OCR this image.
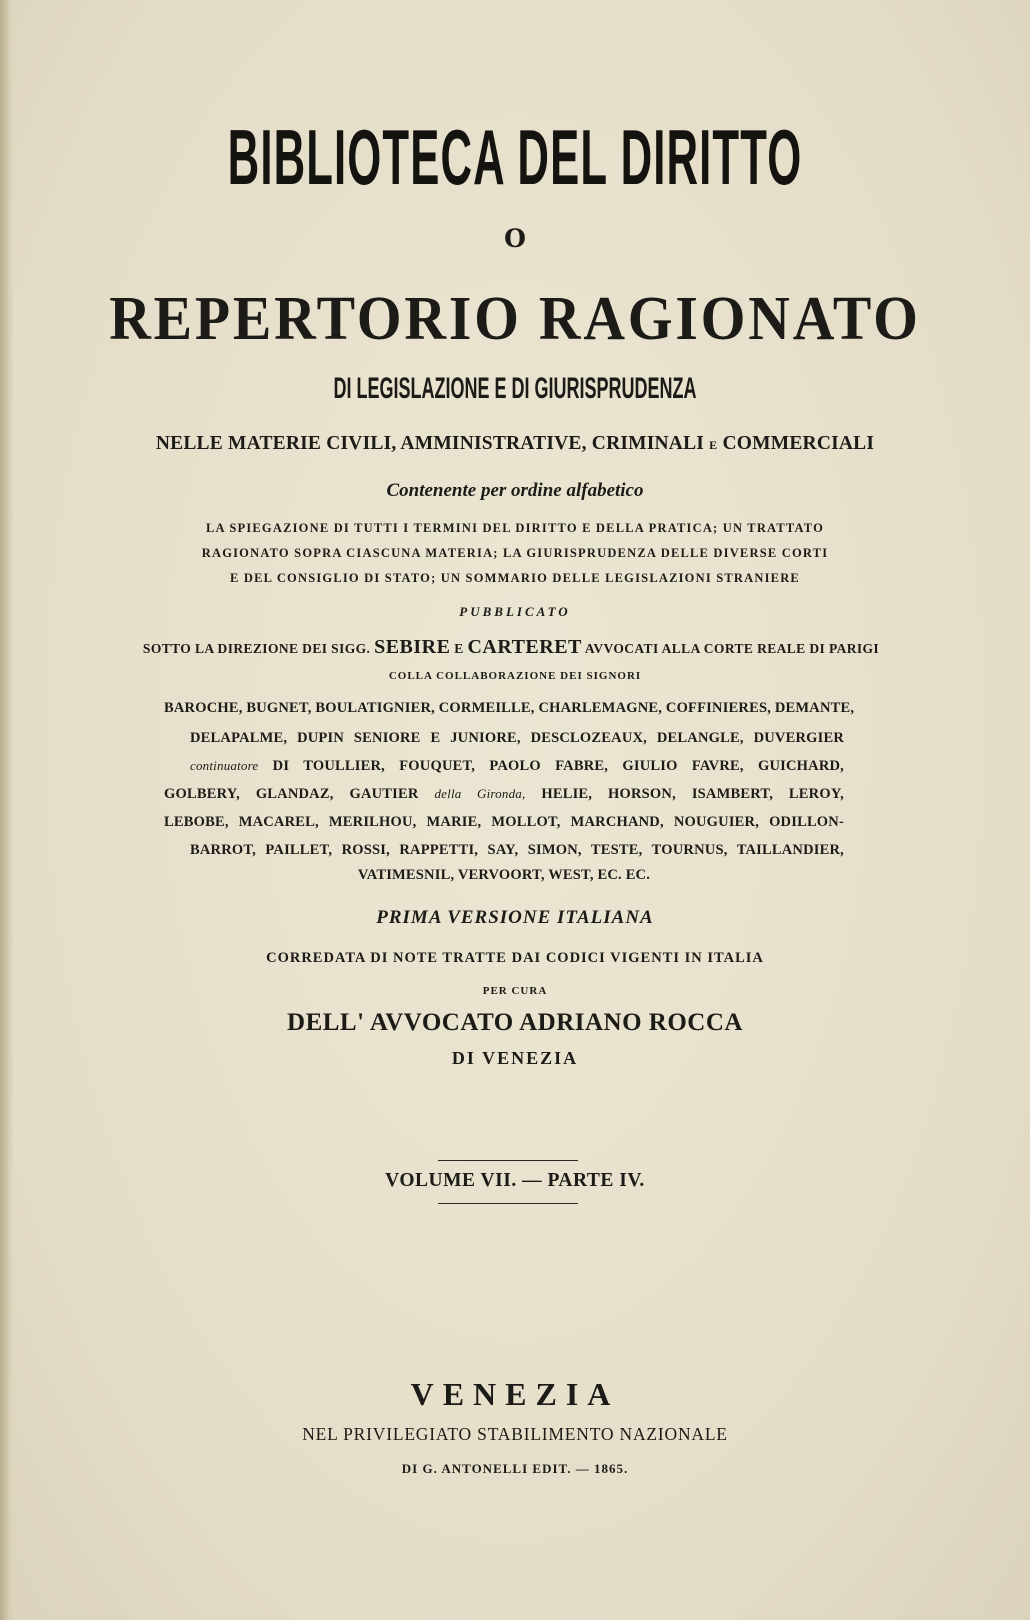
BIBLIOTECA DEL DIRITTO
O
REPERTORIO RAGIONATO
DI LEGISLAZIONE E DI GIURISPRUDENZA
NELLE MATERIE CIVILI, AMMINISTRATIVE, CRIMINALI E COMMERCIALI
Contenente per ordine alfabetico
LA SPIEGAZIONE DI TUTTI I TERMINI DEL DIRITTO E DELLA PRATICA; UN TRATTATO
RAGIONATO SOPRA CIASCUNA MATERIA; LA GIURISPRUDENZA DELLE DIVERSE CORTI
E DEL CONSIGLIO DI STATO; UN SOMMARIO DELLE LEGISLAZIONI STRANIERE
PUBBLICATO
SOTTO LA DIREZIONE DEI SIGG. SEBIRE E CARTERET AVVOCATI ALLA CORTE REALE DI PARIGI
COLLA COLLABORAZIONE DEI SIGNORI
BAROCHE, BUGNET, BOULATIGNIER, CORMEILLE, CHARLEMAGNE, COFFINIERES, DEMANTE,
DELAPALME, DUPIN SENIORE E JUNIORE, DESCLOZEAUX, DELANGLE, DUVERGIER
continuatore DI TOULLIER, FOUQUET, PAOLO FABRE, GIULIO FAVRE, GUICHARD,
GOLBERY, GLANDAZ, GAUTIER della Gironda, HELIE, HORSON, ISAMBERT, LEROY,
LEBOBE, MACAREL, MERILHOU, MARIE, MOLLOT, MARCHAND, NOUGUIER, ODILLON-
BARROT, PAILLET, ROSSI, RAPPETTI, SAY, SIMON, TESTE, TOURNUS, TAILLANDIER,
VATIMESNIL, VERVOORT, WEST, EC. EC.
PRIMA VERSIONE ITALIANA
CORREDATA DI NOTE TRATTE DAI CODICI VIGENTI IN ITALIA
PER CURA
DELL' AVVOCATO ADRIANO ROCCA
DI VENEZIA
VOLUME VII. — PARTE IV.
VENEZIA
NEL PRIVILEGIATO STABILIMENTO NAZIONALE
DI G. ANTONELLI EDIT. — 1865.
